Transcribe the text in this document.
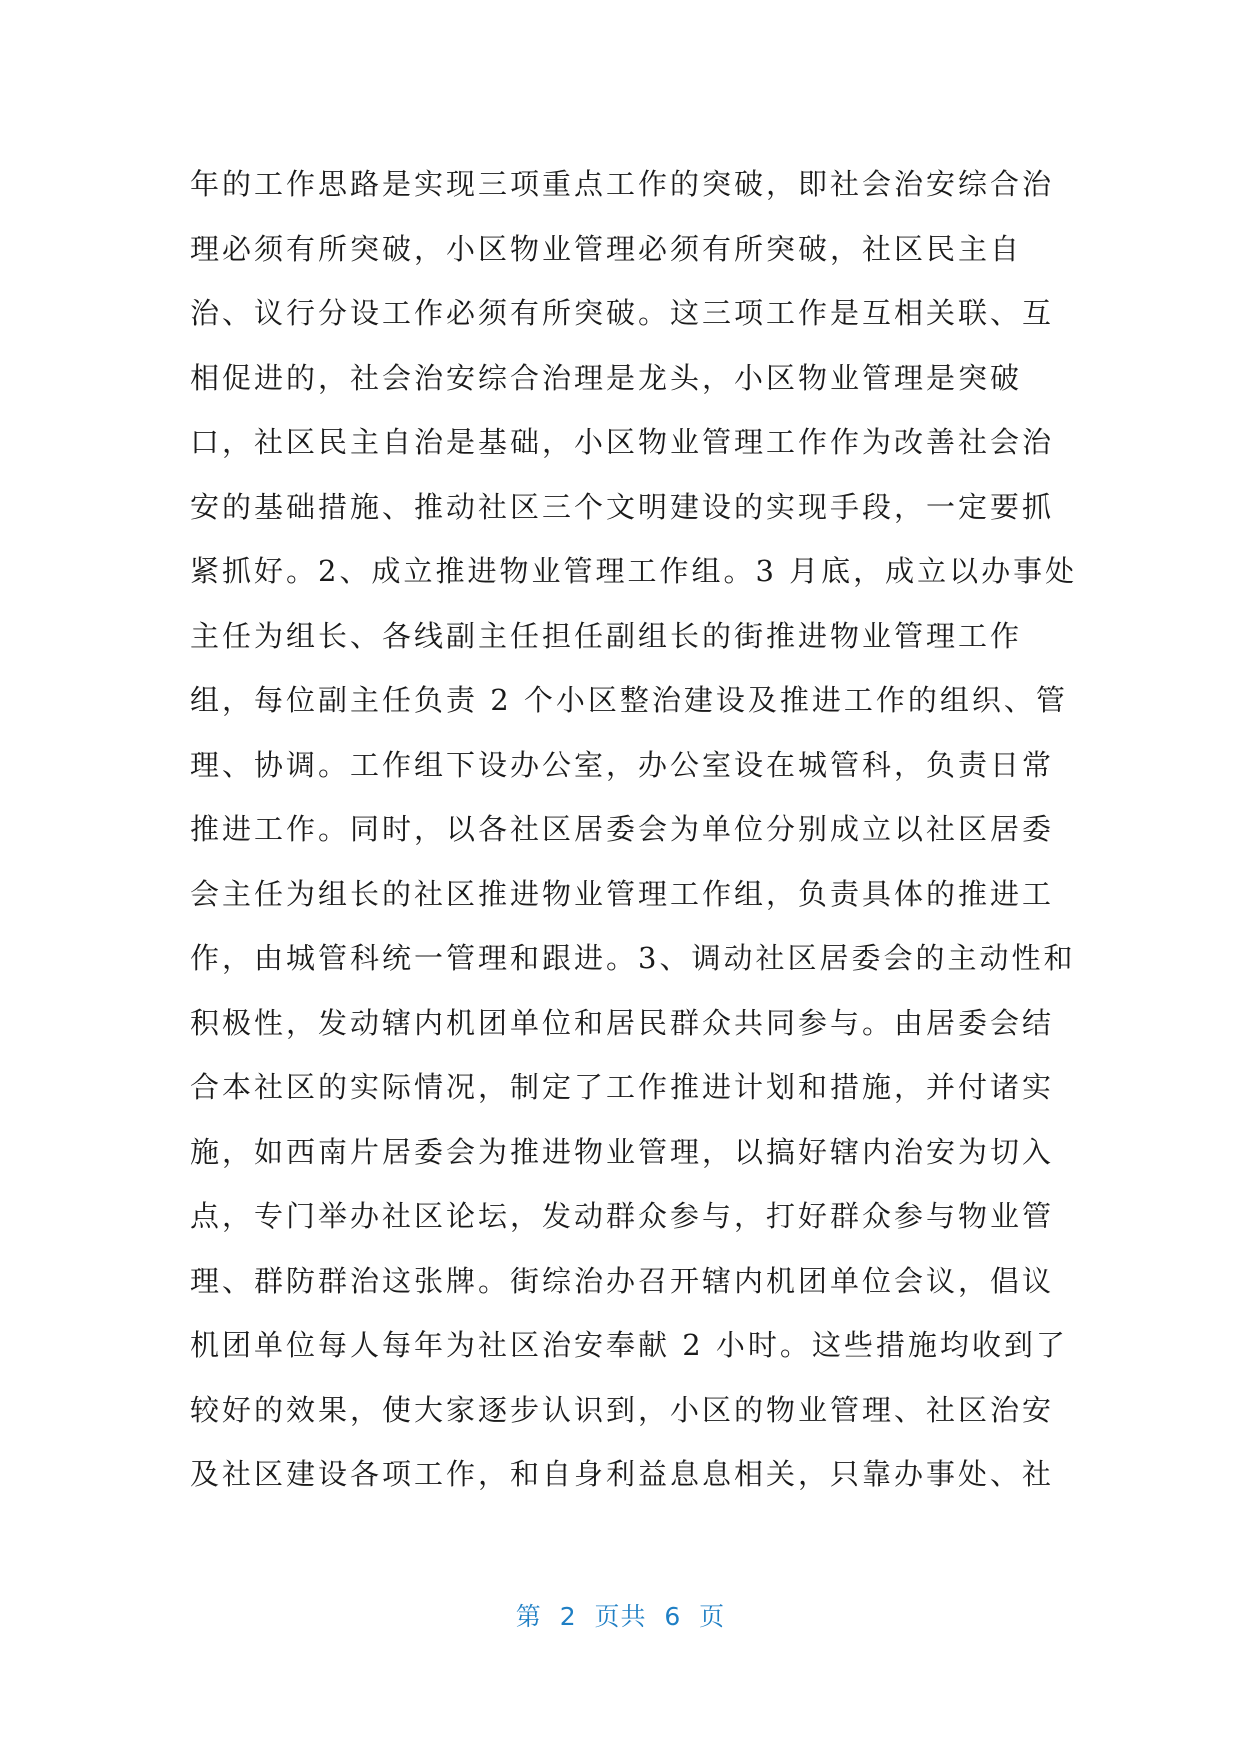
年的工作思路是实现三项重点工作的突破，即社会治安综合治
理必须有所突破，小区物业管理必须有所突破，社区民主自
治、议行分设工作必须有所突破。这三项工作是互相关联、互
相促进的，社会治安综合治理是龙头，小区物业管理是突破
口，社区民主自治是基础，小区物业管理工作作为改善社会治
安的基础措施、推动社区三个文明建设的实现手段，一定要抓
紧抓好。2、成立推进物业管理工作组。3 月底，成立以办事处
主任为组长、各线副主任担任副组长的街推进物业管理工作
组，每位副主任负责 2 个小区整治建设及推进工作的组织、管
理、协调。工作组下设办公室，办公室设在城管科，负责日常
推进工作。同时，以各社区居委会为单位分别成立以社区居委
会主任为组长的社区推进物业管理工作组，负责具体的推进工
作，由城管科统一管理和跟进。3、调动社区居委会的主动性和
积极性，发动辖内机团单位和居民群众共同参与。由居委会结
合本社区的实际情况，制定了工作推进计划和措施，并付诸实
施，如西南片居委会为推进物业管理，以搞好辖内治安为切入
点，专门举办社区论坛，发动群众参与，打好群众参与物业管
理、群防群治这张牌。街综治办召开辖内机团单位会议，倡议
机团单位每人每年为社区治安奉献 2 小时。这些措施均收到了
较好的效果，使大家逐步认识到，小区的物业管理、社区治安
及社区建设各项工作，和自身利益息息相关，只靠办事处、社
第  2  页共  6  页
